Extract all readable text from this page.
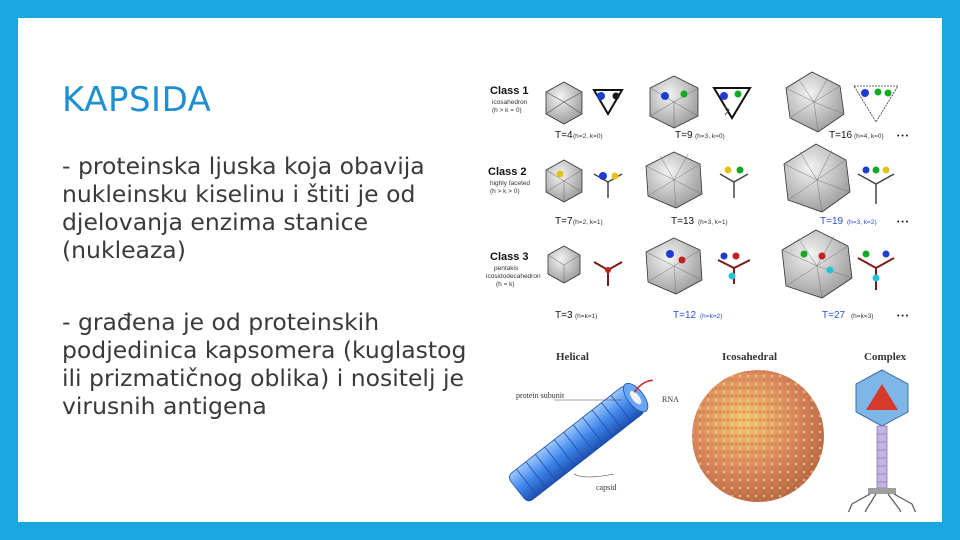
KAPSIDA

- proteinska ljuska koja obavija nukleinsku kiselinu i štiti je od djelovanja enzima stanice (nukleaza)

- građena je od proteinskih podjedinica kapsomera (kuglastog ili prizmatičnog oblika) i nositelj je virusnih antigena

Class 1
icosahedron
(h > k = 0)
Class 2
highly faceted
(h > k > 0)
Class 3
pentakis
icosidodecahedron
(h = k)
T=4 (h=2, k=0)	T=9 (h=3, k=0)	T=16 (h=4, k=0) • • •
T=7 (h=2, k=1)	T=13 (h=3, k=1)	T=19 (h=3, k=2)	• • •
T=3 (h=k=1)	T=12 (h=k=2)	T=27 (h=k=3)	• • •
Helical	Icosahedral	Complex
protein subunit	RNA
capsid
